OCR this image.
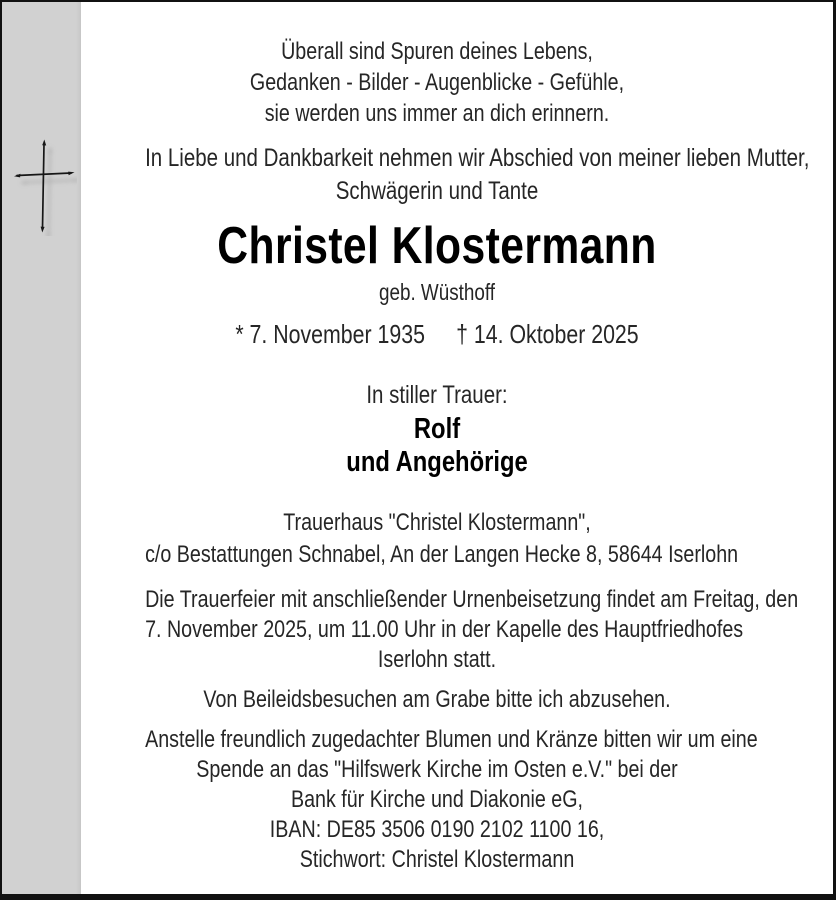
Überall sind Spuren deines Lebens,
Gedanken - Bilder - Augenblicke - Gefühle,
sie werden uns immer an dich erinnern.
In Liebe und Dankbarkeit nehmen wir Abschied von meiner lieben Mutter,
Schwägerin und Tante
Christel Klostermann
geb. Wüsthoff
* 7. November 1935 † 14. Oktober 2025
In stiller Trauer:
Rolf
und Angehörige
Trauerhaus "Christel Klostermann",
c/o Bestattungen Schnabel, An der Langen Hecke 8, 58644 Iserlohn
Die Trauerfeier mit anschließender Urnenbeisetzung findet am Freitag, den
7. November 2025, um 11.00 Uhr in der Kapelle des Hauptfriedhofes
Iserlohn statt.
Von Beileidsbesuchen am Grabe bitte ich abzusehen.
Anstelle freundlich zugedachter Blumen und Kränze bitten wir um eine
Spende an das "Hilfswerk Kirche im Osten e.V." bei der
Bank für Kirche und Diakonie eG,
IBAN: DE85 3506 0190 2102 1100 16,
Stichwort: Christel Klostermann
